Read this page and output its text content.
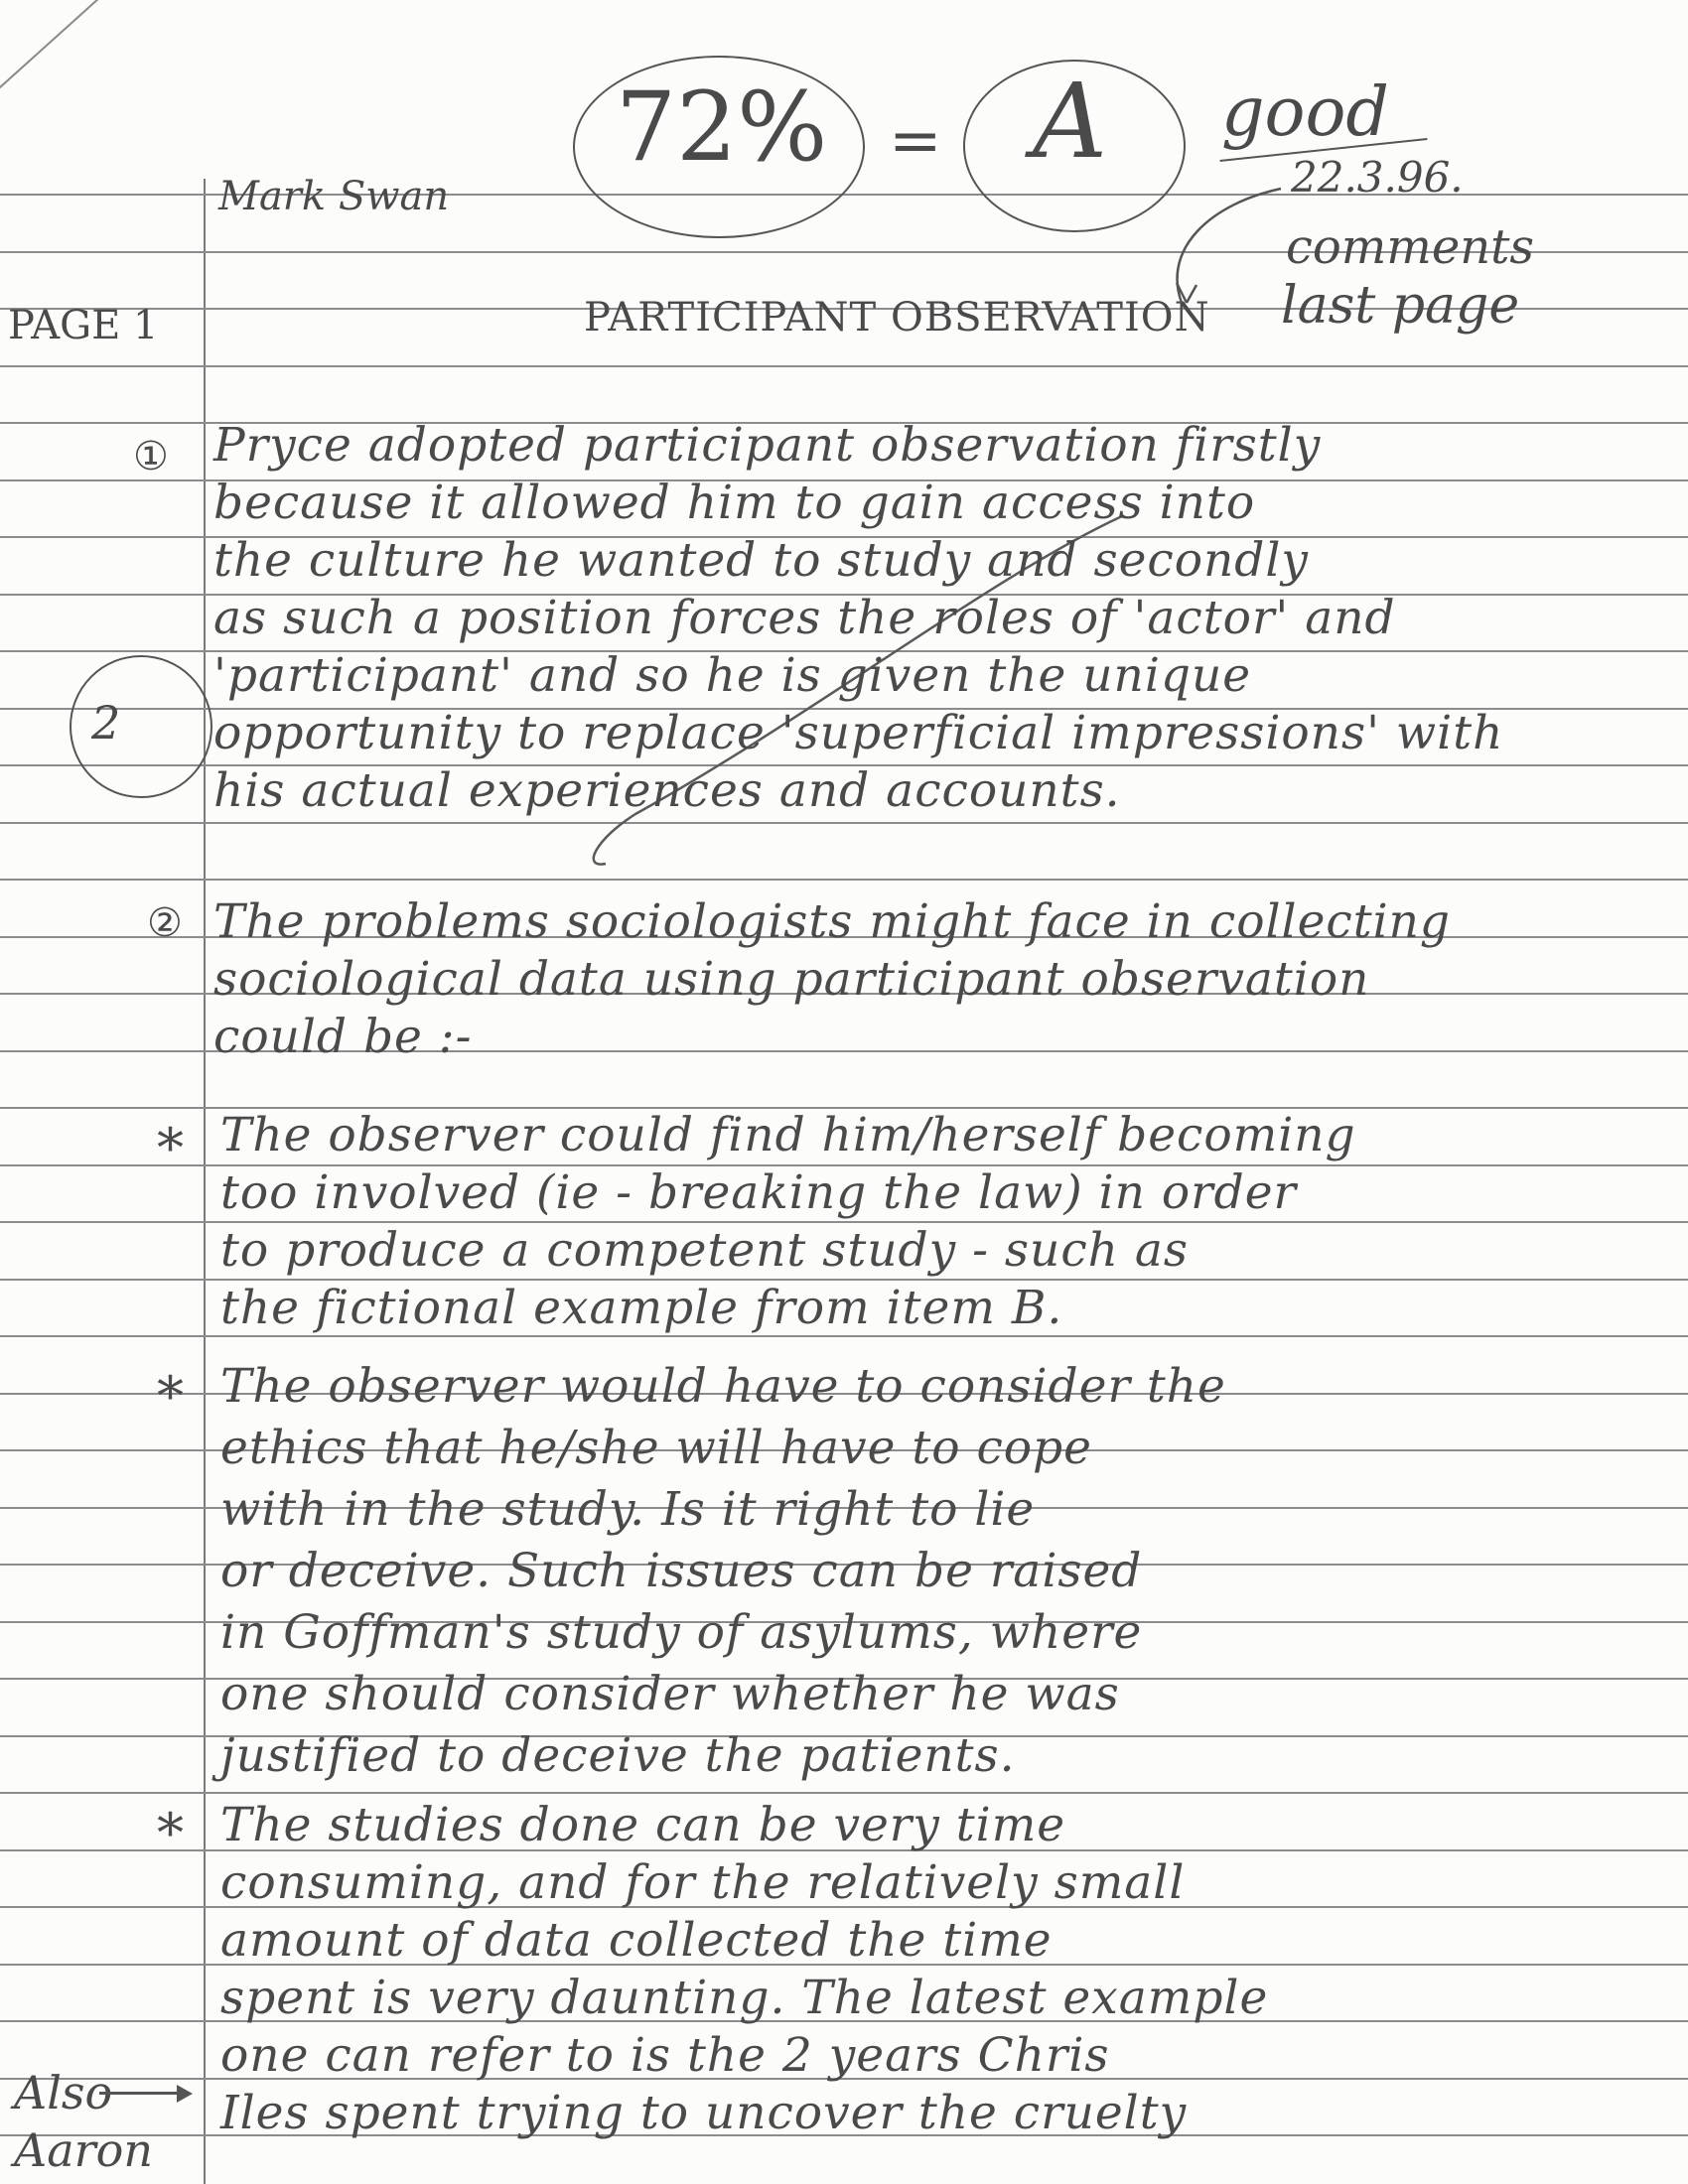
Mark Swan
72% = A good
22.3.96.
comments
last page
PAGE 1	PARTICIPANT OBSERVATION
2
① Pryce adopted participant observation firstly
because it allowed him to gain access into
the culture he wanted to study and secondly
as such a position forces the roles of 'actor' and
'participant' and so he is given the unique
opportunity to replace 'superficial impressions' with
his actual experiences and accounts.
② The problems sociologists might face in collecting
sociological data using participant observation
could be :-
The observer could find him/herself becoming
too involved (ie - breaking the law) in order
to produce a competent study - such as
the fictional example from item B.
The observer would have to consider the
ethics that he/she will have to cope
with in the study. Is it right to lie
or deceive. Such issues can be raised
in Goffman's study of asylums, where
one should consider whether he was
justified to deceive the patients.
The studies done can be very time
consuming, and for the relatively small
amount of data collected the time
spent is very daunting. The latest example
one can refer to is the 2 years Chris
Iles spent trying to uncover the cruelty
*
*
*
Also
Aaron
